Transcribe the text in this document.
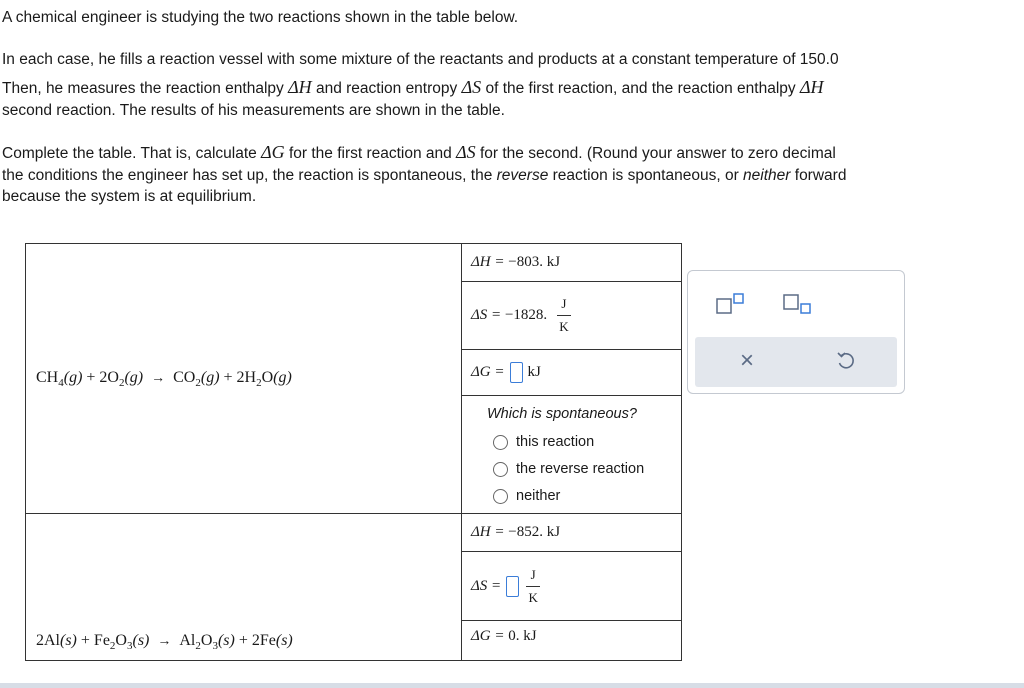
A chemical engineer is studying the two reactions shown in the table below.
In each case, he fills a reaction vessel with some mixture of the reactants and products at a constant temperature of 150.0
Then, he measures the reaction enthalpy ΔH and reaction entropy ΔS of the first reaction, and the reaction enthalpy ΔH
second reaction. The results of his measurements are shown in the table.
Complete the table. That is, calculate ΔG for the first reaction and ΔS for the second. (Round your answer to zero decimal
the conditions the engineer has set up, the reaction is spontaneous, the reverse reaction is spontaneous, or neither forward
because the system is at equilibrium.
$CH_4(g) + 2O_2(g) \to CO_2(g) + 2H_2O(g)$	ΔH = −803. kJ
	ΔS = −1828. $\frac{J}{K}$

	ΔG = kJ

	Which is spontaneous?
this reaction
the reverse reaction
neither

$2Al(s) + Fe_2O_3(s) \to Al_2O_3(s) + 2Fe(s)$	ΔH = −852. kJ
	$\Delta S = \frac{J}{K}$

	ΔG = 0. kJ
×
